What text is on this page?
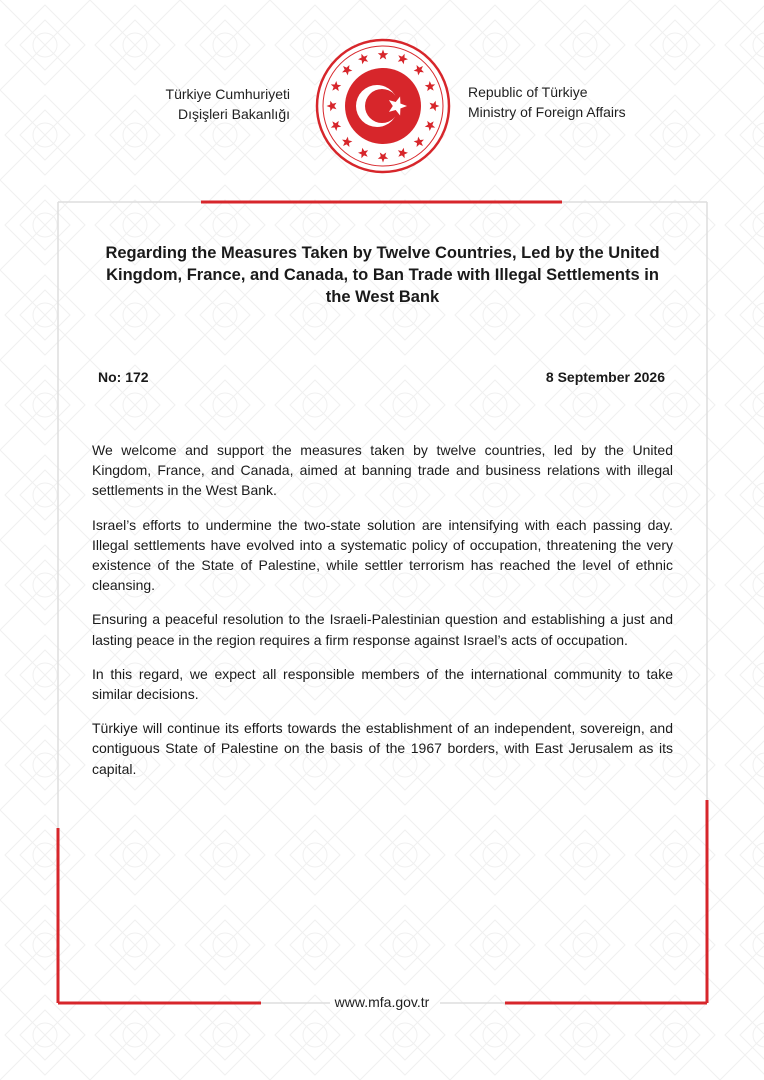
Türkiye Cumhuriyeti
Dışişleri Bakanlığı
Republic of Türkiye
Ministry of Foreign Affairs
Regarding the Measures Taken by Twelve Countries, Led by the United Kingdom, France, and Canada, to Ban Trade with Illegal Settlements in the West Bank
No: 172	8 September 2026

We welcome and support the measures taken by twelve countries, led by the United Kingdom, France, and Canada, aimed at banning trade and business relations with illegal settlements in the West Bank.

Israel’s efforts to undermine the two-state solution are intensifying with each passing day. Illegal settlements have evolved into a systematic policy of occupation, threatening the very existence of the State of Palestine, while settler terrorism has reached the level of ethnic cleansing.

Ensuring a peaceful resolution to the Israeli-Palestinian question and establishing a just and lasting peace in the region requires a firm response against Israel’s acts of occupation.

In this regard, we expect all responsible members of the international community to take similar decisions.

Türkiye will continue its efforts towards the establishment of an independent, sovereign, and contiguous State of Palestine on the basis of the 1967 borders, with East Jerusalem as its capital.

www.mfa.gov.tr
